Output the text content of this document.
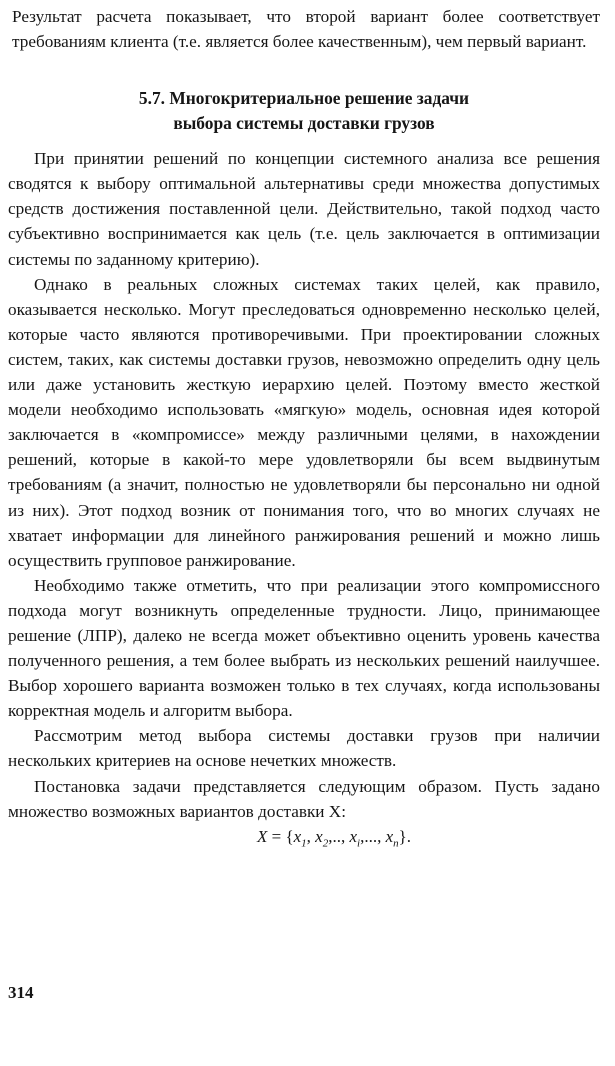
Результат расчета показывает, что второй вариант более соответствует требованиям клиента (т.е. является более качественным), чем первый вариант.

5.7. Многокритериальное решение задачи

выбора системы доставки грузов

При принятии решений по концепции системного анализа все решения сводятся к выбору оптимальной альтернативы среди множества допустимых средств достижения поставленной цели. Действительно, такой подход часто субъективно воспринимается как цель (т.е. цель заключается в оптимизации системы по заданному критерию).

Однако в реальных сложных системах таких целей, как правило, оказывается несколько. Могут преследоваться одновременно несколько целей, которые часто являются противоречивыми. При проектировании сложных систем, таких, как системы доставки грузов, невозможно определить одну цель или даже установить жесткую иерархию целей. Поэтому вместо жесткой модели необходимо использовать «мягкую» модель, основная идея которой заключается в «компромиссе» между различными целями, в нахождении решений, которые в какой-то мере удовлетворяли бы всем выдвинутым требованиям (а значит, полностью не удовлетворяли бы персонально ни одной из них). Этот подход возник от понимания того, что во многих случаях не хватает информации для линейного ранжирования решений и можно лишь осуществить групповое ранжирование.

Необходимо также отметить, что при реализации этого компромиссного подхода могут возникнуть определенные трудности. Лицо, принимающее решение (ЛПР), далеко не всегда может объективно оценить уровень качества полученного решения, а тем более выбрать из нескольких решений наилучшее. Выбор хорошего варианта возможен только в тех случаях, когда использованы корректная модель и алгоритм выбора.

Рассмотрим метод выбора системы доставки грузов при наличии нескольких критериев на основе нечетких множеств.

Постановка задачи представляется следующим образом. Пусть задано множество возможных вариантов доставки X:

$X = \{x_1$, $x_2$,.., $x_i$,..., $x_n$}.

314
